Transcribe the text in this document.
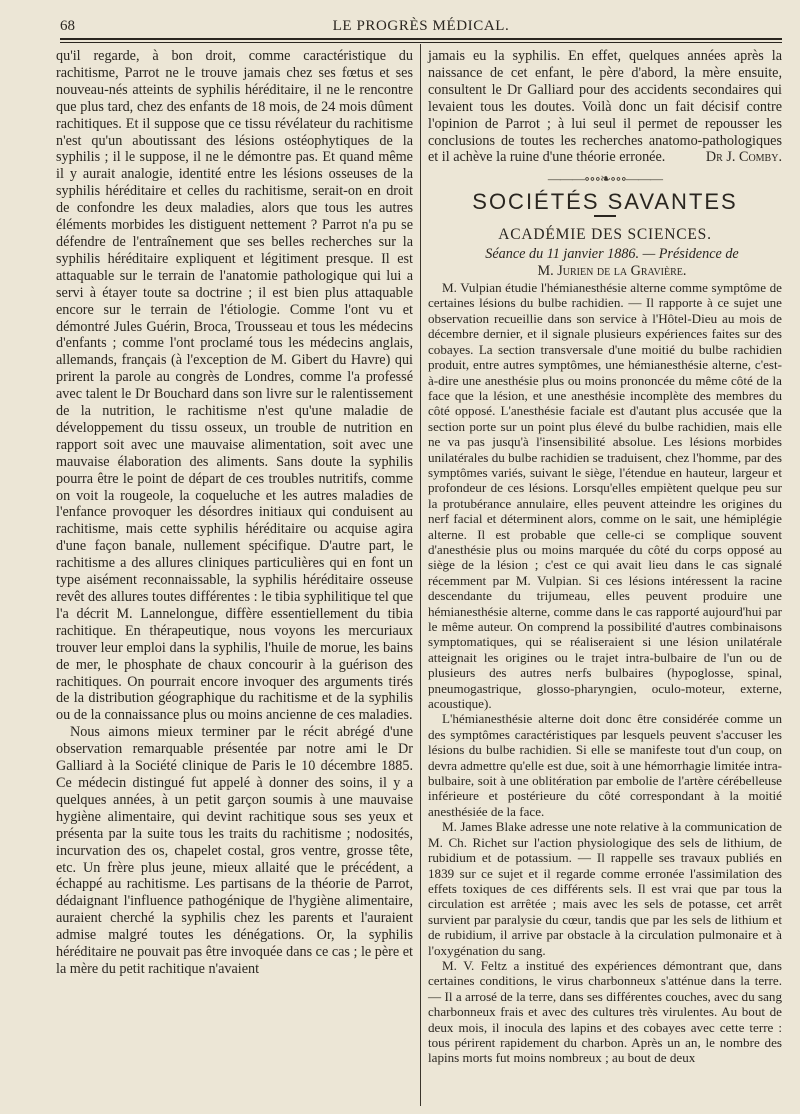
68	LE PROGRÈS MÉDICAL.

qu'il regarde, à bon droit, comme caractéristique du rachitisme, Parrot ne le trouve jamais chez ses fœtus et ses nouveau-nés atteints de syphilis héréditaire, il ne le rencontre que plus tard, chez des enfants de 18 mois, de 24 mois dûment rachitiques. Et il suppose que ce tissu révélateur du rachitisme n'est qu'un aboutissant des lésions ostéophytiques de la syphilis ; il le suppose, il ne le démontre pas. Et quand même il y aurait analogie, identité entre les lésions osseuses de la syphilis héréditaire et celles du rachitisme, serait-on en droit de confondre les deux maladies, alors que tous les autres éléments morbides les distiguent nettement ? Parrot n'a pu se défendre de l'entraînement que ses belles recherches sur la syphilis héréditaire expliquent et légitiment presque. Il est attaquable sur le terrain de l'anatomie pathologique qui lui a servi à étayer toute sa doctrine ; il est bien plus attaquable encore sur le terrain de l'étiologie. Comme l'ont vu et démontré Jules Guérin, Broca, Trousseau et tous les médecins d'enfants ; comme l'ont proclamé tous les médecins anglais, allemands, français (à l'exception de M. Gibert du Havre) qui prirent la parole au congrès de Londres, comme l'a professé avec talent le Dr Bouchard dans son livre sur le ralentissement de la nutrition, le rachitisme n'est qu'une maladie de développement du tissu osseux, un trouble de nutrition en rapport soit avec une mauvaise alimentation, soit avec une mauvaise élaboration des aliments. Sans doute la syphilis pourra être le point de départ de ces troubles nutritifs, comme on voit la rougeole, la coqueluche et les autres maladies de l'enfance provoquer les désordres initiaux qui conduisent au rachitisme, mais cette syphilis héréditaire ou acquise agira d'une façon banale, nullement spécifique. D'autre part, le rachitisme a des allures cliniques particulières qui en font un type aisément reconnaissable, la syphilis héréditaire osseuse revêt des allures toutes différentes : le tibia syphilitique tel que l'a décrit M. Lannelongue, diffère essentiellement du tibia rachitique. En thérapeutique, nous voyons les mercuriaux trouver leur emploi dans la syphilis, l'huile de morue, les bains de mer, le phosphate de chaux concourir à la guérison des rachitiques. On pourrait encore invoquer des arguments tirés de la distribution géographique du rachitisme et de la syphilis ou de la connaissance plus ou moins ancienne de ces maladies.

Nous aimons mieux terminer par le récit abrégé d'une observation remarquable présentée par notre ami le Dr Galliard à la Société clinique de Paris le 10 décembre 1885. Ce médecin distingué fut appelé à donner des soins, il y a quelques années, à un petit garçon soumis à une mauvaise hygiène alimentaire, qui devint rachitique sous ses yeux et présenta par la suite tous les traits du rachitisme ; nodosités, incurvation des os, chapelet costal, gros ventre, grosse tête, etc. Un frère plus jeune, mieux allaité que le précédent, a échappé au rachitisme. Les partisans de la théorie de Parrot, dédaignant l'influence pathogénique de l'hygiène alimentaire, auraient cherché la syphilis chez les parents et l'auraient admise malgré toutes les dénégations. Or, la syphilis héréditaire ne pouvait pas être invoquée dans ce cas ; le père et la mère du petit rachitique n'avaient

jamais eu la syphilis. En effet, quelques années après la naissance de cet enfant, le père d'abord, la mère ensuite, consultent le Dr Galliard pour des accidents secondaires qui levaient tous les doutes. Voilà donc un fait décisif contre l'opinion de Parrot ; à lui seul il permet de repousser les conclusions de toutes les recherches anatomo-pathologiques et il achève la ruine d'une théorie erronée.	Dr J. Comby.

———∘∘∘❧∘∘∘———
SOCIÉTÉS SAVANTES
ACADÉMIE DES SCIENCES.

Séance du 11 janvier 1886. — Présidence de

M. Jurien de la Gravière.

M. Vulpian étudie l'hémianesthésie alterne comme symptôme de certaines lésions du bulbe rachidien. — Il rapporte à ce sujet une observation recueillie dans son service à l'Hôtel-Dieu au mois de décembre dernier, et il signale plusieurs expériences faites sur des cobayes. La section transversale d'une moitié du bulbe rachidien produit, entre autres symptômes, une hémianesthésie alterne, c'est-à-dire une anesthésie plus ou moins prononcée du même côté de la face que la lésion, et une anesthésie incomplète des membres du côté opposé. L'anesthésie faciale est d'autant plus accusée que la section porte sur un point plus élevé du bulbe rachidien, mais elle ne va pas jusqu'à l'insensibilité absolue. Les lésions morbides unilatérales du bulbe rachidien se traduisent, chez l'homme, par des symptômes variés, suivant le siège, l'étendue en hauteur, largeur et profondeur de ces lésions. Lorsqu'elles empiètent quelque peu sur la protubérance annulaire, elles peuvent atteindre les origines du nerf facial et déterminent alors, comme on le sait, une hémiplégie alterne. Il est probable que celle-ci se complique souvent d'anesthésie plus ou moins marquée du côté du corps opposé au siège de la lésion ; c'est ce qui avait lieu dans le cas signalé récemment par M. Vulpian. Si ces lésions intéressent la racine descendante du trijumeau, elles peuvent produire une hémianesthésie alterne, comme dans le cas rapporté aujourd'hui par le même auteur. On comprend la possibilité d'autres combinaisons symptomatiques, qui se réaliseraient si une lésion unilatérale atteignait les origines ou le trajet intra-bulbaire de l'un ou de plusieurs des autres nerfs bulbaires (hypoglosse, spinal, pneumogastrique, glosso-pharyngien, oculo-moteur, externe, acoustique).

L'hémianesthésie alterne doit donc être considérée comme un des symptômes caractéristiques par lesquels peuvent s'accuser les lésions du bulbe rachidien. Si elle se manifeste tout d'un coup, on devra admettre qu'elle est due, soit à une hémorrhagie limitée intra-bulbaire, soit à une oblitération par embolie de l'artère cérébelleuse inférieure et postérieure du côté correspondant à la moitié anesthésiée de la face.

M. James Blake adresse une note relative à la communication de M. Ch. Richet sur l'action physiologique des sels de lithium, de rubidium et de potassium. — Il rappelle ses travaux publiés en 1839 sur ce sujet et il regarde comme erronée l'assimilation des effets toxiques de ces différents sels. Il est vrai que par tous la circulation est arrêtée ; mais avec les sels de potasse, cet arrêt survient par paralysie du cœur, tandis que par les sels de lithium et de rubidium, il arrive par obstacle à la circulation pulmonaire et à l'oxygénation du sang.

M. V. Feltz a institué des expériences démontrant que, dans certaines conditions, le virus charbonneux s'atténue dans la terre. — Il a arrosé de la terre, dans ses différentes couches, avec du sang charbonneux frais et avec des cultures très virulentes. Au bout de deux mois, il inocula des lapins et des cobayes avec cette terre : tous périrent rapidement du charbon. Après un an, le nombre des lapins morts fut moins nombreux ; au bout de deux
